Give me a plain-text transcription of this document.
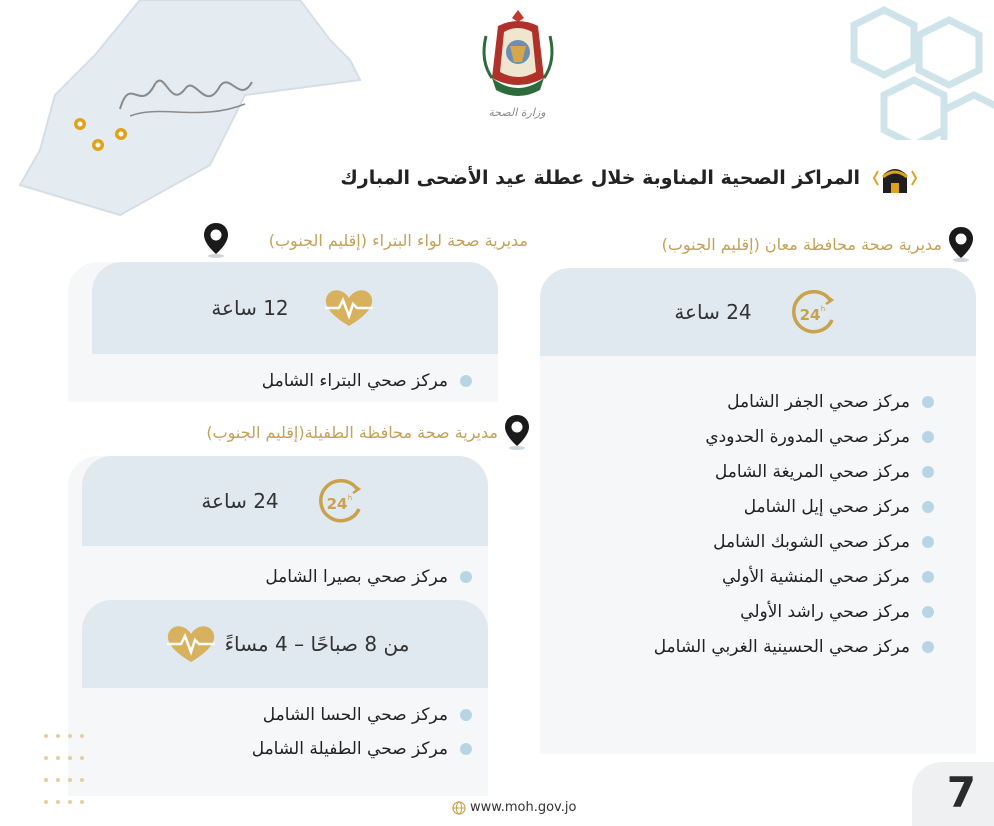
وزارة الصحة
المراكز الصحية المناوبة خلال عطلة عيد الأضحى المبارك
مديرية صحة محافظة معان (إقليم الجنوب)
24 h
24 ساعة
مركز صحي الجفر الشامل
مركز صحي المدورة الحدودي
مركز صحي المريغة الشامل
مركز صحي إيل الشامل
مركز صحي الشوبك الشامل
مركز صحي المنشية الأولي
مركز صحي راشد الأولي
مركز صحي الحسينية الغربي الشامل
مديرية صحة لواء البتراء (إقليم الجنوب)
12 ساعة
مركز صحي البتراء الشامل
مديرية صحة محافظة الطفيلة(إقليم الجنوب)
24 h
24 ساعة
مركز صحي بصيرا الشامل
من 8 صباحًا – 4 مساءً
مركز صحي الحسا الشامل
مركز صحي الطفيلة الشامل
www.moh.gov.jo	7
